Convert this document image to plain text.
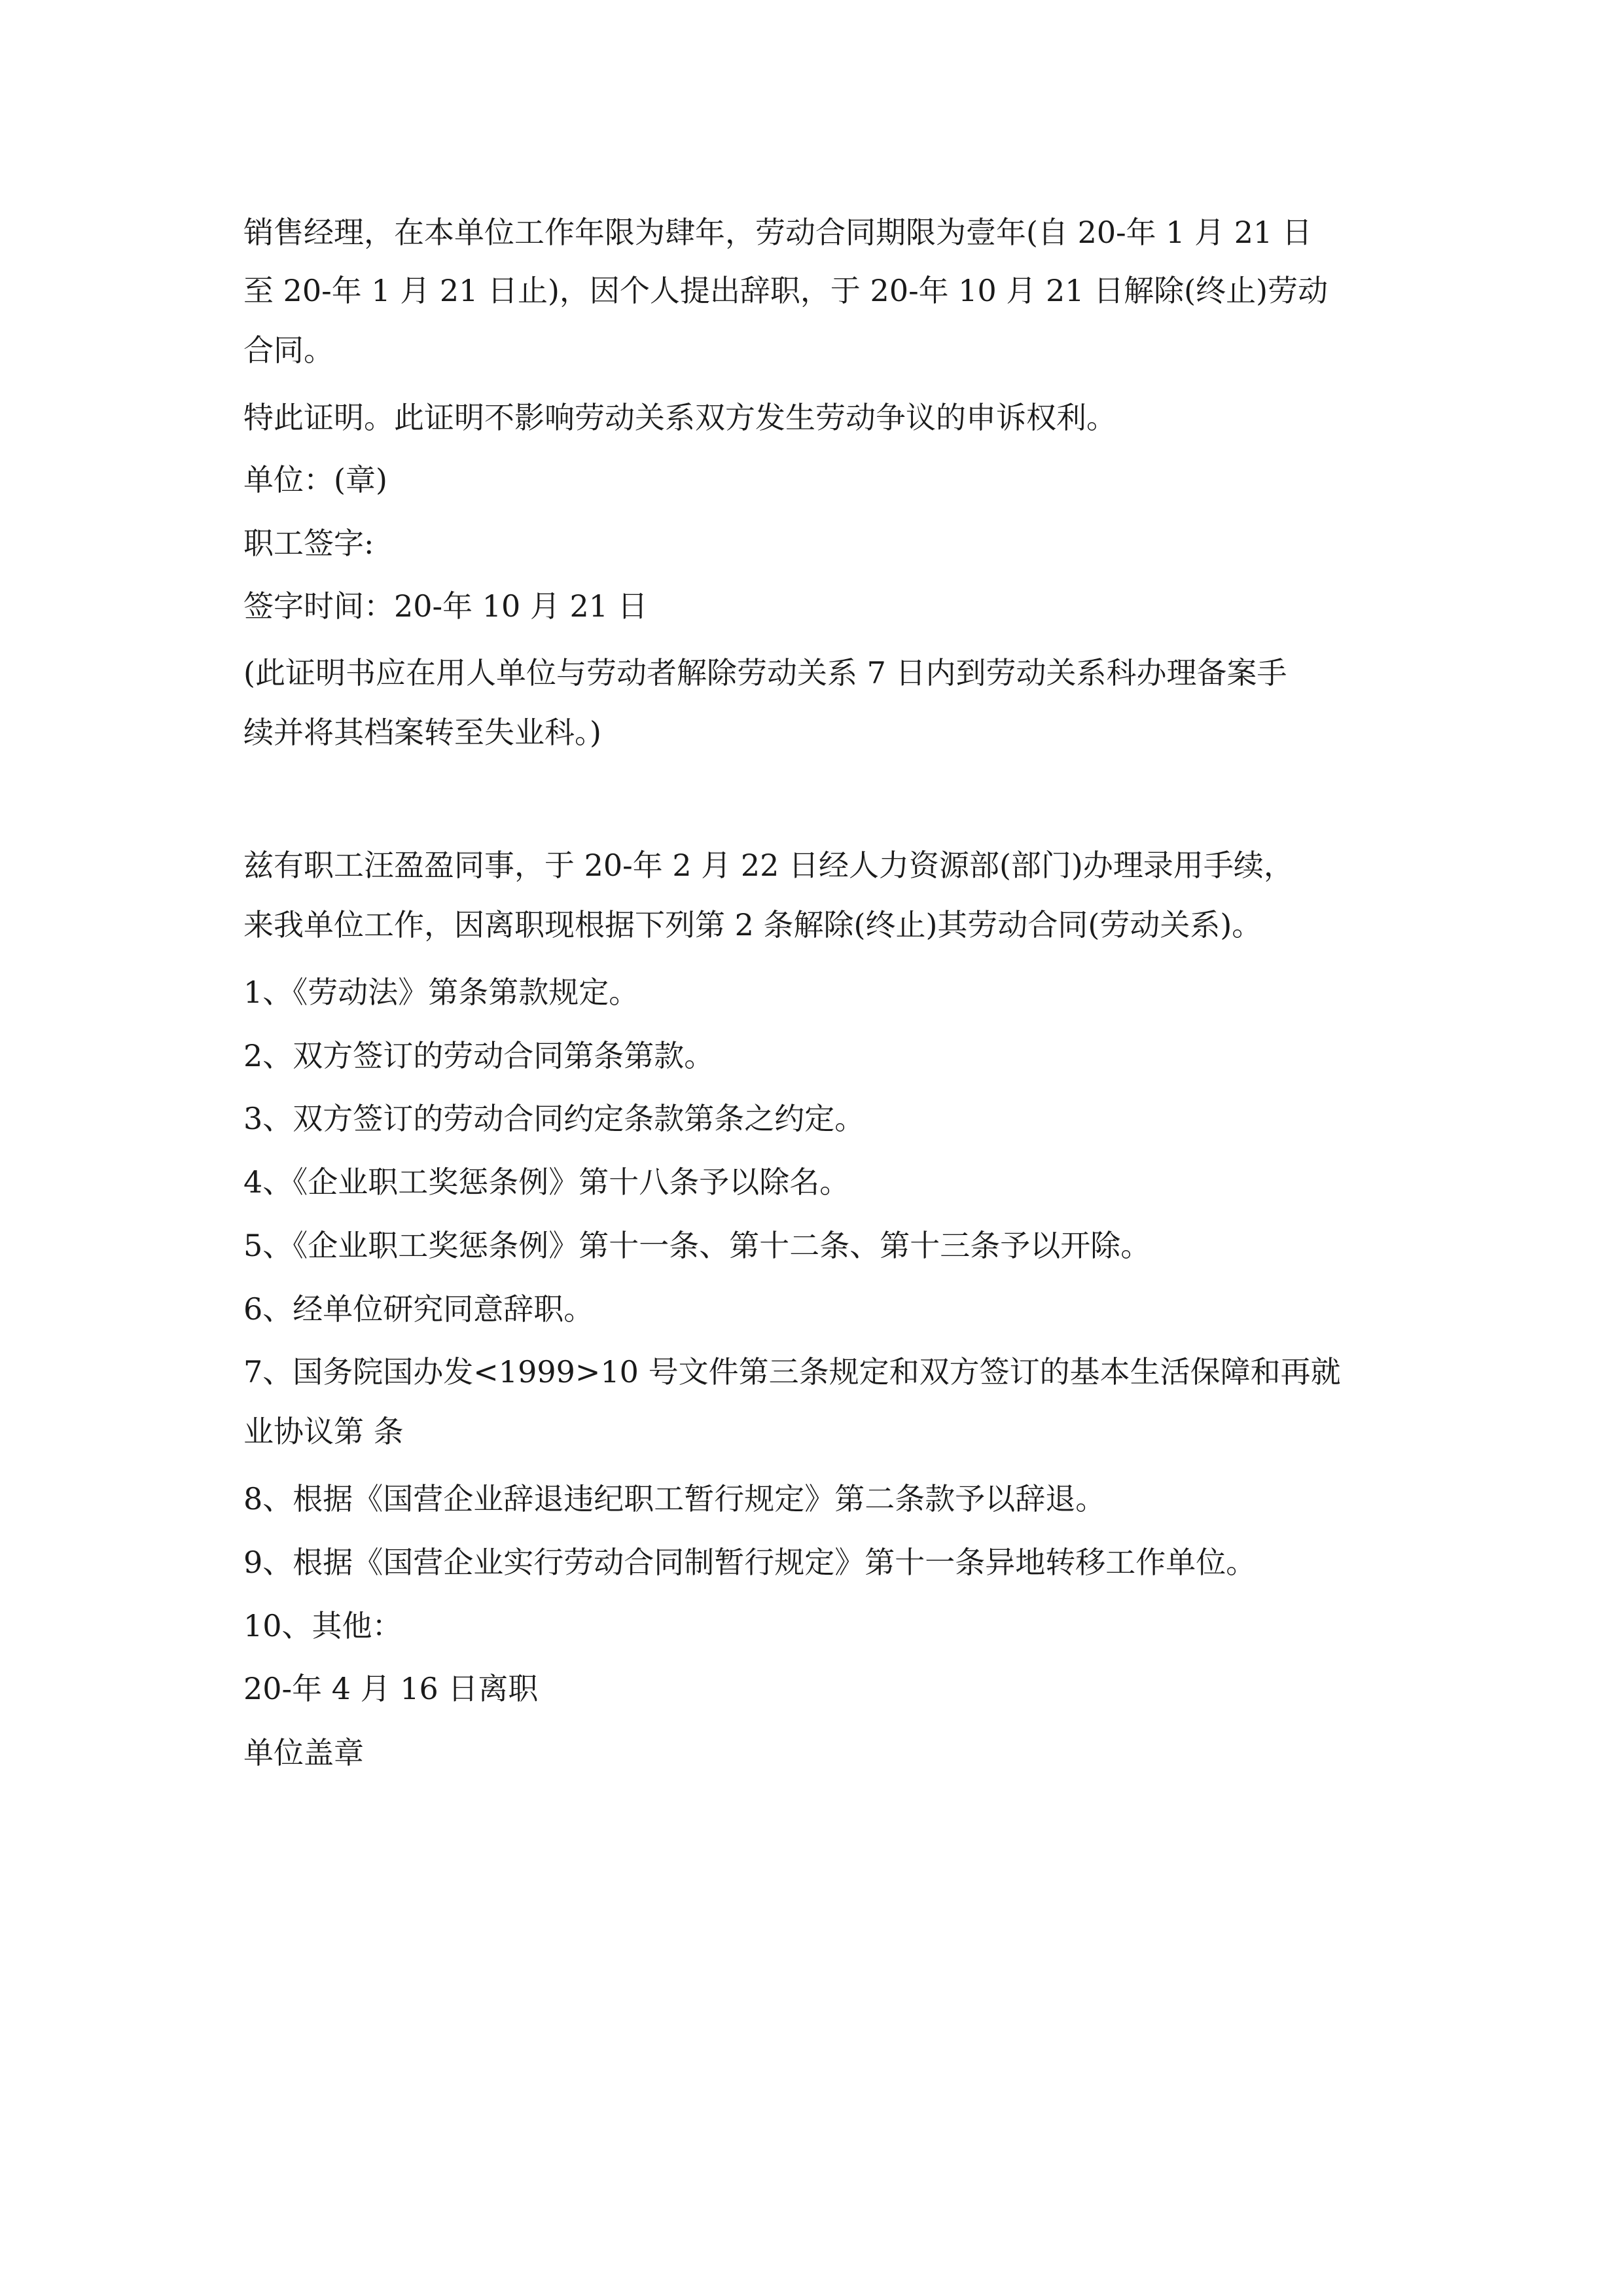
销售经理，在本单位工作年限为肆年，劳动合同期限为壹年(自 20-年 1 月 21 日
至 20-年 1 月 21 日止)，因个人提出辞职，于 20-年 10 月 21 日解除(终止)劳动
合同。
特此证明。此证明不影响劳动关系双方发生劳动争议的申诉权利。
单位：(章)
职工签字:
签字时间：20-年 10 月 21 日
(此证明书应在用人单位与劳动者解除劳动关系 7 日内到劳动关系科办理备案手
续并将其档案转至失业科。)
兹有职工汪盈盈同事，于 20-年 2 月 22 日经人力资源部(部门)办理录用手续，
来我单位工作，因离职现根据下列第 2 条解除(终止)其劳动合同(劳动关系)。
1、《劳动法》第条第款规定。
2、双方签订的劳动合同第条第款。
3、双方签订的劳动合同约定条款第条之约定。
4、《企业职工奖惩条例》第十八条予以除名。
5、《企业职工奖惩条例》第十一条、第十二条、第十三条予以开除。
6、经单位研究同意辞职。
7、国务院国办发<1999>10 号文件第三条规定和双方签订的基本生活保障和再就
业协议第 条
8、根据《国营企业辞退违纪职工暂行规定》第二条款予以辞退。
9、根据《国营企业实行劳动合同制暂行规定》第十一条异地转移工作单位。
10、其他：
20-年 4 月 16 日离职
单位盖章
